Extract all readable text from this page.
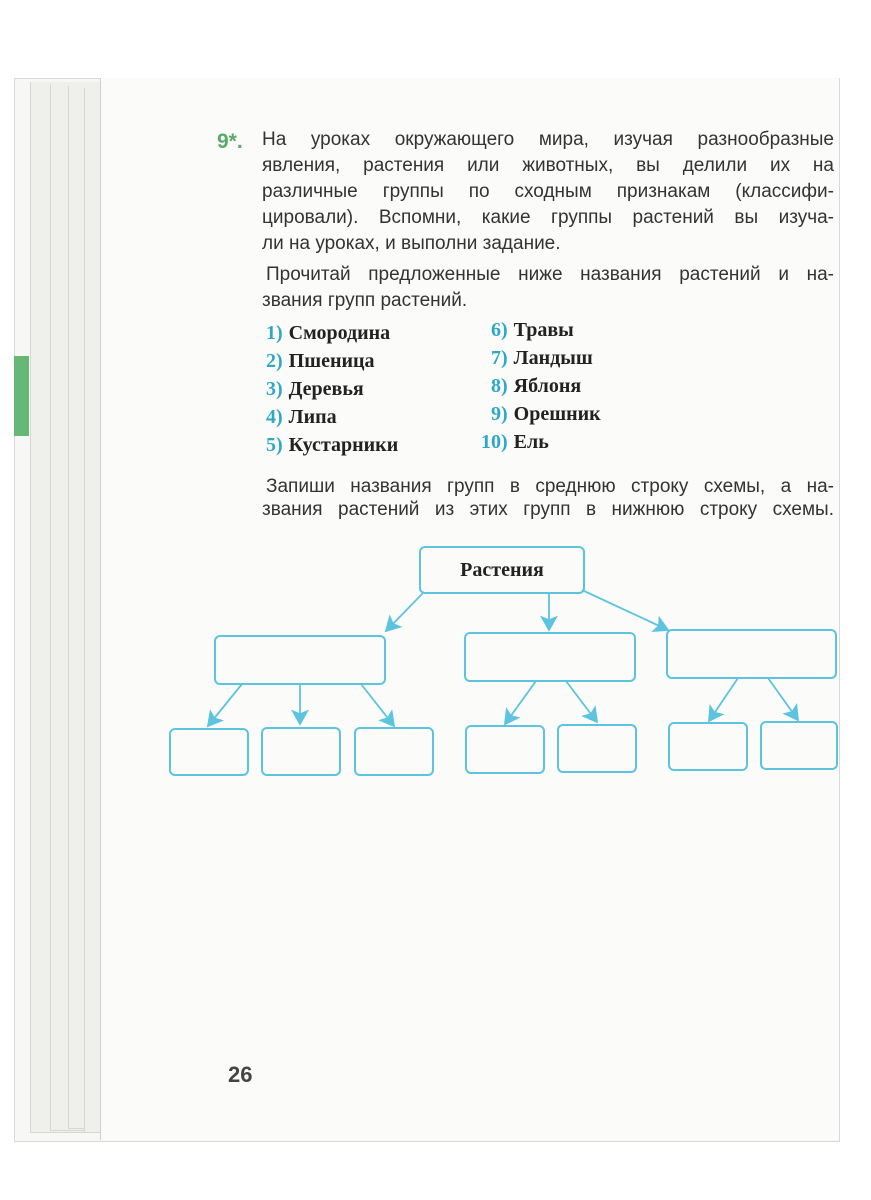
9*. На уроках окружающего мира, изучая разнообразные
явления, растения или животных, вы делили их на
различные группы по сходным признакам (классифи-
цировали). Вспомни, какие группы растений вы изуча-
ли на уроках, и выполни задание.
Прочитай предложенные ниже названия растений и на-
звания групп растений.
1) Смородина
2) Пшеница
3) Деревья
4) Липа
5) Кустарники
6) Травы
7) Ландыш
8) Яблоня
9) Орешник
10) Ель
Запиши названия групп в среднюю строку схемы, а на-
звания растений из этих групп в нижнюю строку схемы.
Растения
26
